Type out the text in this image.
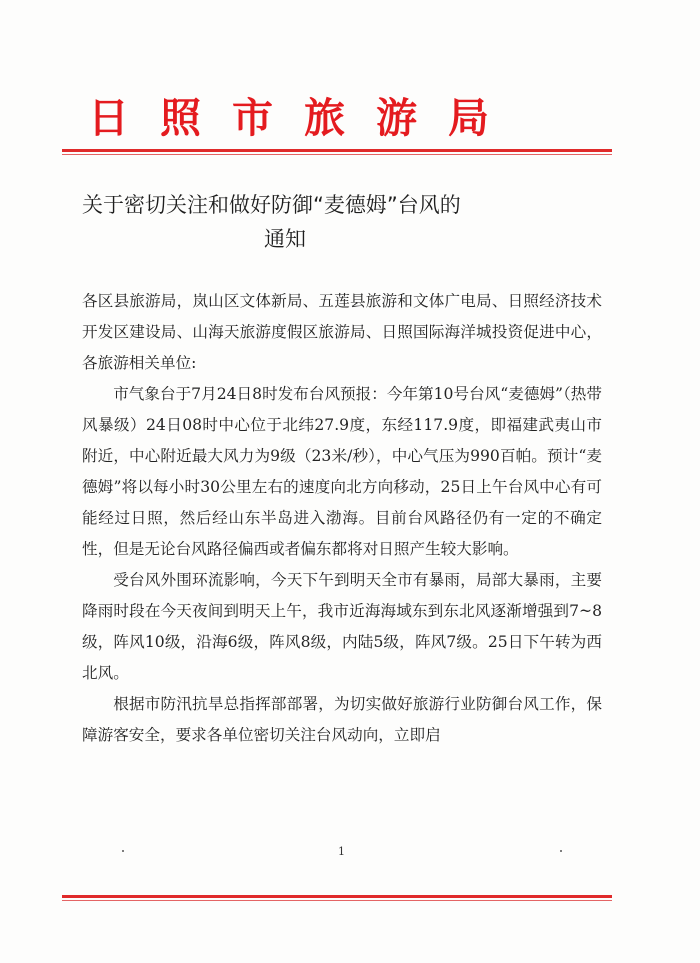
日照市旅游局
关于密切关注和做好防御“麦德姆”台风的
通知

各区县旅游局，岚山区文体新局、五莲县旅游和文体广电局、日照经济技术开发区建设局、山海天旅游度假区旅游局、日照国际海洋城投资促进中心，各旅游相关单位:

市气象台于7月24日8时发布台风预报：今年第10号台风“麦德姆”（热带风暴级）24日08时中心位于北纬27.9度，东经117.9度，即福建武夷山市附近，中心附近最大风力为9级（23米/秒），中心气压为990百帕。预计“麦德姆”将以每小时30公里左右的速度向北方向移动，25日上午台风中心有可能经过日照，然后经山东半岛进入渤海。目前台风路径仍有一定的不确定性，但是无论台风路径偏西或者偏东都将对日照产生较大影响。

受台风外围环流影响，今天下午到明天全市有暴雨，局部大暴雨，主要降雨时段在今天夜间到明天上午，我市近海海域东到东北风逐渐增强到7~8级，阵风10级，沿海6级，阵风8级，内陆5级，阵风7级。25日下午转为西北风。

根据市防汛抗旱总指挥部部署，为切实做好旅游行业防御台风工作，保障游客安全，要求各单位密切关注台风动向，立即启

1
